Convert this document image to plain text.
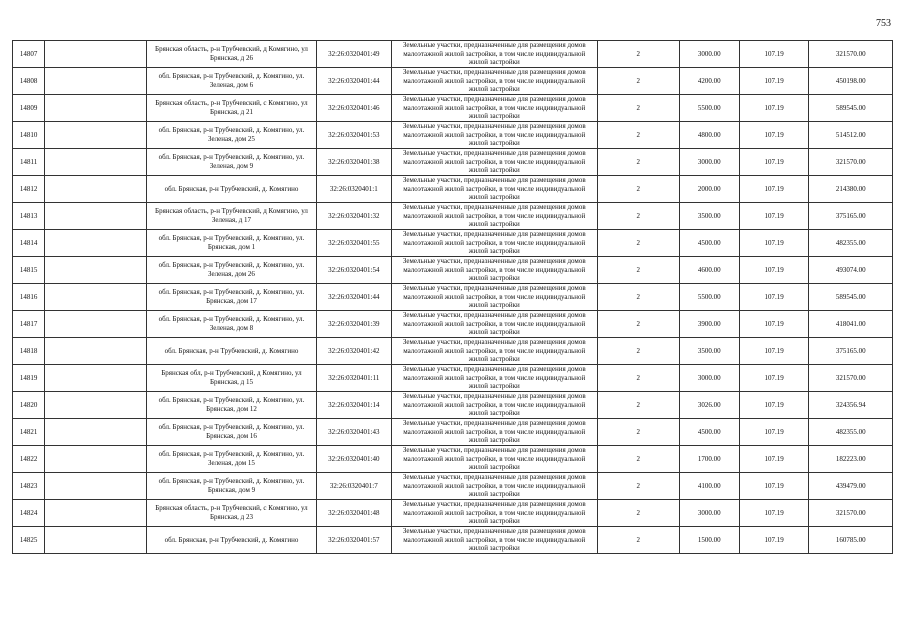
753
14807		Брянская область, р-н Трубчевский, д Комягино, ул Брянская, д 26	32:26:0320401:49	Земельные участки, предназначенные для размещения домов малоэтажной жилой застройки, в том числе индивидуальной жилой застройки	2	3000.00	107.19	321570.00
14808		обл. Брянская, р-н Трубчевский, д. Комягино, ул. Зеленая, дом 6	32:26:0320401:44	Земельные участки, предназначенные для размещения домов малоэтажной жилой застройки, в том числе индивидуальной жилой застройки	2	4200.00	107.19	450198.00
14809		Брянская область, р-н Трубчевский, с Комягино, ул Брянская, д 21	32:26:0320401:46	Земельные участки, предназначенные для размещения домов малоэтажной жилой застройки, в том числе индивидуальной жилой застройки	2	5500.00	107.19	589545.00
14810		обл. Брянская, р-н Трубчевский, д. Комягино, ул. Зеленая, дом 25	32:26:0320401:53	Земельные участки, предназначенные для размещения домов малоэтажной жилой застройки, в том числе индивидуальной жилой застройки	2	4800.00	107.19	514512.00
14811		обл. Брянская, р-н Трубчевский, д. Комягино, ул. Зеленая, дом 9	32:26:0320401:38	Земельные участки, предназначенные для размещения домов малоэтажной жилой застройки, в том числе индивидуальной жилой застройки	2	3000.00	107.19	321570.00
14812		обл. Брянская, р-н Трубчевский, д. Комягино	32:26:0320401:1	Земельные участки, предназначенные для размещения домов малоэтажной жилой застройки, в том числе индивидуальной жилой застройки	2	2000.00	107.19	214380.00
14813		Брянская область, р-н Трубчевский, д Комягино, ул Зеленая, д 17	32:26:0320401:32	Земельные участки, предназначенные для размещения домов малоэтажной жилой застройки, в том числе индивидуальной жилой застройки	2	3500.00	107.19	375165.00
14814		обл. Брянская, р-н Трубчевский, д. Комягино, ул. Брянская, дом 1	32:26:0320401:55	Земельные участки, предназначенные для размещения домов малоэтажной жилой застройки, в том числе индивидуальной жилой застройки	2	4500.00	107.19	482355.00
14815		обл. Брянская, р-н Трубчевский, д. Комягино, ул. Зеленая, дом 26	32:26:0320401:54	Земельные участки, предназначенные для размещения домов малоэтажной жилой застройки, в том числе индивидуальной жилой застройки	2	4600.00	107.19	493074.00
14816		обл. Брянская, р-н Трубчевский, д. Комягино, ул. Брянская, дом 17	32:26:0320401:44	Земельные участки, предназначенные для размещения домов малоэтажной жилой застройки, в том числе индивидуальной жилой застройки	2	5500.00	107.19	589545.00
14817		обл. Брянская, р-н Трубчевский, д. Комягино, ул. Зеленая, дом 8	32:26:0320401:39	Земельные участки, предназначенные для размещения домов малоэтажной жилой застройки, в том числе индивидуальной жилой застройки	2	3900.00	107.19	418041.00
14818		обл. Брянская, р-н Трубчевский, д. Комягино	32:26:0320401:42	Земельные участки, предназначенные для размещения домов малоэтажной жилой застройки, в том числе индивидуальной жилой застройки	2	3500.00	107.19	375165.00
14819		Брянская обл, р-н Трубчевский, д Комягино, ул Брянская, д 15	32:26:0320401:11	Земельные участки, предназначенные для размещения домов малоэтажной жилой застройки, в том числе индивидуальной жилой застройки	2	3000.00	107.19	321570.00
14820		обл. Брянская, р-н Трубчевский, д. Комягино, ул. Брянская, дом 12	32:26:0320401:14	Земельные участки, предназначенные для размещения домов малоэтажной жилой застройки, в том числе индивидуальной жилой застройки	2	3026.00	107.19	324356.94
14821		обл. Брянская, р-н Трубчевский, д. Комягино, ул. Брянская, дом 16	32:26:0320401:43	Земельные участки, предназначенные для размещения домов малоэтажной жилой застройки, в том числе индивидуальной жилой застройки	2	4500.00	107.19	482355.00
14822		обл. Брянская, р-н Трубчевский, д. Комягино, ул. Зеленая, дом 15	32:26:0320401:40	Земельные участки, предназначенные для размещения домов малоэтажной жилой застройки, в том числе индивидуальной жилой застройки	2	1700.00	107.19	182223.00
14823		обл. Брянская, р-н Трубчевский, д. Комягино, ул. Брянская, дом 9	32:26:0320401:7	Земельные участки, предназначенные для размещения домов малоэтажной жилой застройки, в том числе индивидуальной жилой застройки	2	4100.00	107.19	439479.00
14824		Брянская область, р-н Трубчевский, с Комягино, ул Брянская, д 23	32:26:0320401:48	Земельные участки, предназначенные для размещения домов малоэтажной жилой застройки, в том числе индивидуальной жилой застройки	2	3000.00	107.19	321570.00
14825		обл. Брянская, р-н Трубчевский, д. Комягино	32:26:0320401:57	Земельные участки, предназначенные для размещения домов малоэтажной жилой застройки, в том числе индивидуальной жилой застройки	2	1500.00	107.19	160785.00
